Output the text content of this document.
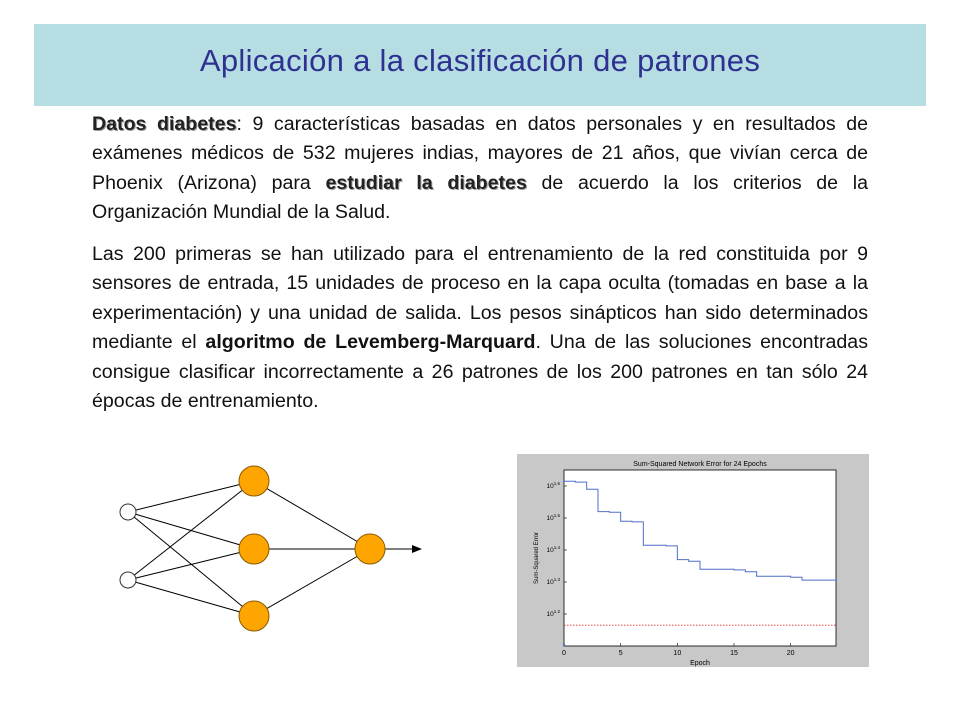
Aplicación a la clasificación de patrones

Datos diabetes: 9 características basadas en datos personales y en resultados de exámenes médicos de 532 mujeres indias, mayores de 21 años, que vivían cerca de Phoenix (Arizona) para estudiar la diabetes de acuerdo la los criterios de la Organización Mundial de la Salud.

Las 200 primeras se han utilizado para el entrenamiento de la red constituida por 9 sensores de entrada, 15 unidades de proceso en la capa oculta (tomadas en base a la experimentación) y una unidad de salida. Los pesos sinápticos han sido determinados mediante el algoritmo de Levemberg-Marquard. Una de las soluciones encontradas consigue clasificar incorrectamente a 26 patrones de los 200 patrones en tan sólo 24 épocas de entrenamiento.

Sum-Squared Network Error for 24 Epochs
Epoch
Sum-Squared Error
0	5	10	15	20
$10^{1.2}$
$10^{1.3}$
$10^{1.4}$
$10^{1.5}$
$10^{1.6}$
